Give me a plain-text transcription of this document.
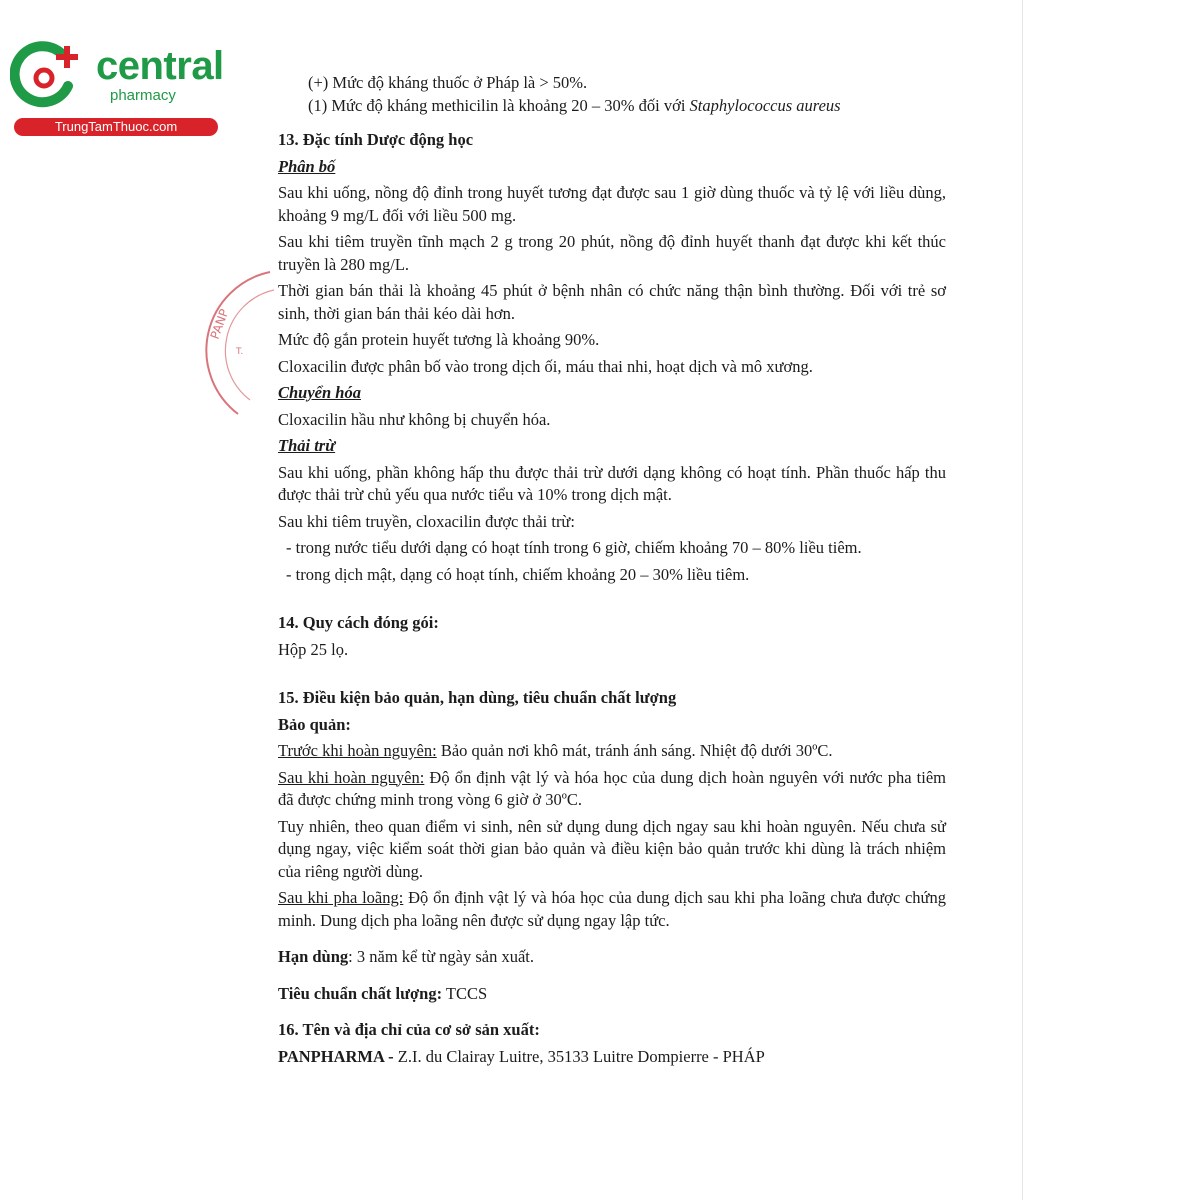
central
pharmacy
TrungTamThuoc.com
PANP
T.

(+) Mức độ kháng thuốc ở Pháp là > 50%.

(1) Mức độ kháng methicilin là khoảng 20 – 30% đối với Staphylococcus aureus

13. Đặc tính Dược động học

Phân bố

Sau khi uống, nồng độ đỉnh trong huyết tương đạt được sau 1 giờ dùng thuốc và tỷ lệ với liều dùng, khoảng 9 mg/L đối với liều 500 mg.

Sau khi tiêm truyền tĩnh mạch 2 g trong 20 phút, nồng độ đỉnh huyết thanh đạt được khi kết thúc truyền là 280 mg/L.

Thời gian bán thải là khoảng 45 phút ở bệnh nhân có chức năng thận bình thường. Đối với trẻ sơ sinh, thời gian bán thải kéo dài hơn.

Mức độ gắn protein huyết tương là khoảng 90%.

Cloxacilin được phân bố vào trong dịch ối, máu thai nhi, hoạt dịch và mô xương.

Chuyển hóa

Cloxacilin hầu như không bị chuyển hóa.

Thải trừ

Sau khi uống, phần không hấp thu được thải trừ dưới dạng không có hoạt tính. Phần thuốc hấp thu được thải trừ chủ yếu qua nước tiểu và 10% trong dịch mật.

Sau khi tiêm truyền, cloxacilin được thải trừ:

- trong nước tiểu dưới dạng có hoạt tính trong 6 giờ, chiếm khoảng 70 – 80% liều tiêm.

- trong dịch mật, dạng có hoạt tính, chiếm khoảng 20 – 30% liều tiêm.

14. Quy cách đóng gói:

Hộp 25 lọ.

15. Điều kiện bảo quản, hạn dùng, tiêu chuẩn chất lượng

Bảo quản:

Trước khi hoàn nguyên: Bảo quản nơi khô mát, tránh ánh sáng. Nhiệt độ dưới 30ºC.

Sau khi hoàn nguyên: Độ ổn định vật lý và hóa học của dung dịch hoàn nguyên với nước pha tiêm đã được chứng minh trong vòng 6 giờ ở 30ºC.

Tuy nhiên, theo quan điểm vi sinh, nên sử dụng dung dịch ngay sau khi hoàn nguyên. Nếu chưa sử dụng ngay, việc kiểm soát thời gian bảo quản và điều kiện bảo quản trước khi dùng là trách nhiệm của riêng người dùng.

Sau khi pha loãng: Độ ổn định vật lý và hóa học của dung dịch sau khi pha loãng chưa được chứng minh. Dung dịch pha loãng nên được sử dụng ngay lập tức.

Hạn dùng: 3 năm kể từ ngày sản xuất.

Tiêu chuẩn chất lượng: TCCS

16. Tên và địa chỉ của cơ sở sản xuất:

PANPHARMA - Z.I. du Clairay Luitre, 35133 Luitre Dompierre - PHÁP
